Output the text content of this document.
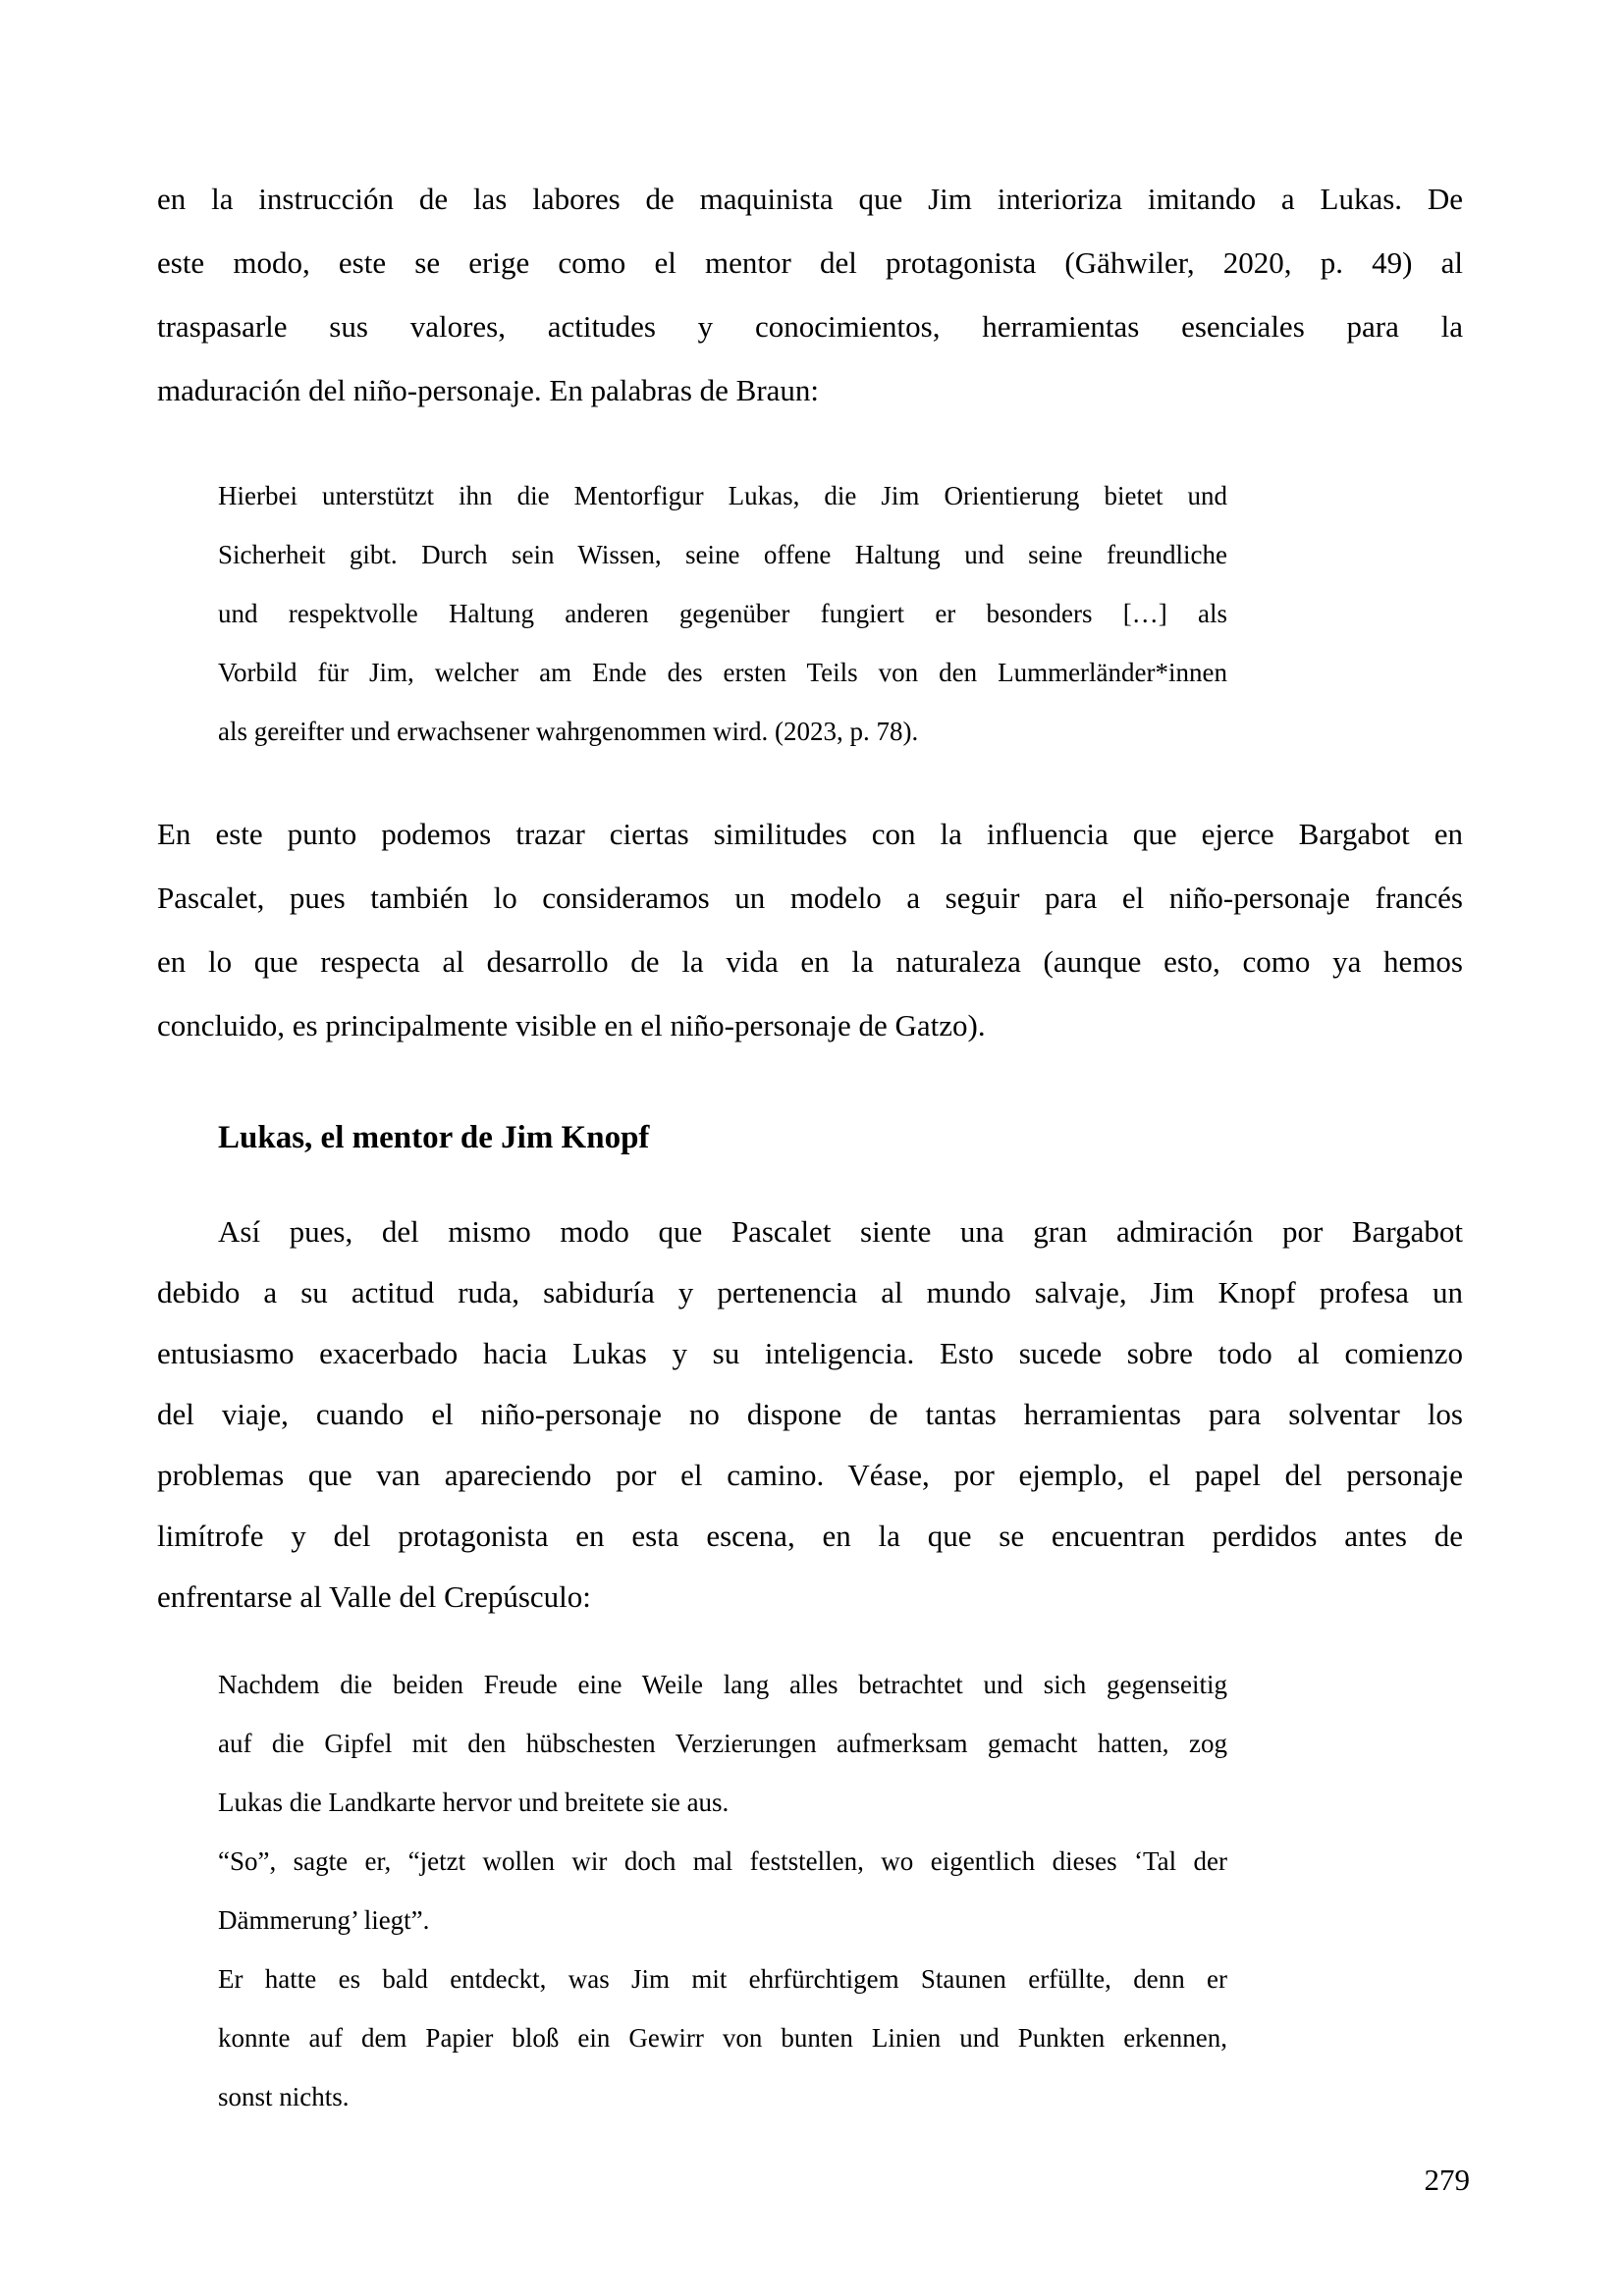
en la instrucción de las labores de maquinista que Jim interioriza imitando a Lukas. De
este modo, este se erige como el mentor del protagonista (Gähwiler, 2020, p. 49) al
traspasarle sus valores, actitudes y conocimientos, herramientas esenciales para la
maduración del niño-personaje. En palabras de Braun:
Hierbei unterstützt ihn die Mentorfigur Lukas, die Jim Orientierung bietet und
Sicherheit gibt. Durch sein Wissen, seine offene Haltung und seine freundliche
und respektvolle Haltung anderen gegenüber fungiert er besonders […] als
Vorbild für Jim, welcher am Ende des ersten Teils von den Lummerländer*innen
als gereifter und erwachsener wahrgenommen wird. (2023, p. 78).
En este punto podemos trazar ciertas similitudes con la influencia que ejerce Bargabot en
Pascalet, pues también lo consideramos un modelo a seguir para el niño-personaje francés
en lo que respecta al desarrollo de la vida en la naturaleza (aunque esto, como ya hemos
concluido, es principalmente visible en el niño-personaje de Gatzo).
Lukas, el mentor de Jim Knopf
Así pues, del mismo modo que Pascalet siente una gran admiración por Bargabot
debido a su actitud ruda, sabiduría y pertenencia al mundo salvaje, Jim Knopf profesa un
entusiasmo exacerbado hacia Lukas y su inteligencia. Esto sucede sobre todo al comienzo
del viaje, cuando el niño-personaje no dispone de tantas herramientas para solventar los
problemas que van apareciendo por el camino. Véase, por ejemplo, el papel del personaje
limítrofe y del protagonista en esta escena, en la que se encuentran perdidos antes de
enfrentarse al Valle del Crepúsculo:
Nachdem die beiden Freude eine Weile lang alles betrachtet und sich gegenseitig
auf die Gipfel mit den hübschesten Verzierungen aufmerksam gemacht hatten, zog
Lukas die Landkarte hervor und breitete sie aus.
“So”, sagte er, “jetzt wollen wir doch mal feststellen, wo eigentlich dieses ‘Tal der
Dämmerung’ liegt”.
Er hatte es bald entdeckt, was Jim mit ehrfürchtigem Staunen erfüllte, denn er
konnte auf dem Papier bloß ein Gewirr von bunten Linien und Punkten erkennen,
sonst nichts.
279
